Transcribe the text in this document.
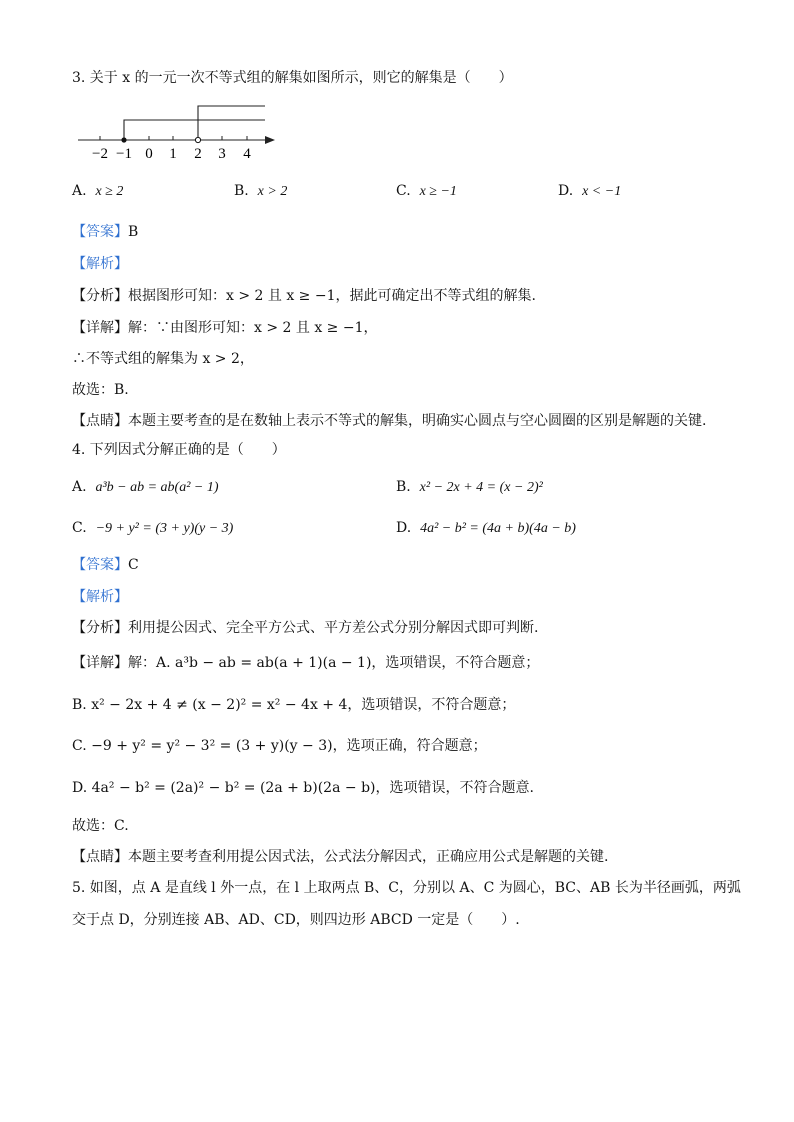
3. 关于 x 的一元一次不等式组的解集如图所示，则它的解集是（　　）
−2 −1 0 1 2 3 4
A. x ≥ 2	B. x > 2	C. x ≥ −1	D. x < −1
【答案】B
【解析】
【分析】根据图形可知：x > 2 且 x ≥ −1，据此可确定出不等式组的解集.
【详解】解：∵由图形可知：x > 2 且 x ≥ −1，
∴不等式组的解集为 x > 2，
故选：B.
【点睛】本题主要考查的是在数轴上表示不等式的解集，明确实心圆点与空心圆圈的区别是解题的关键.
4. 下列因式分解正确的是（　　）
A. a³b − ab = ab(a² − 1)	B. x² − 2x + 4 = (x − 2)²
C. −9 + y² = (3 + y)(y − 3)	D. 4a² − b² = (4a + b)(4a − b)
【答案】C
【解析】
【分析】利用提公因式、完全平方公式、平方差公式分别分解因式即可判断.
【详解】解：A. a³b − ab = ab(a + 1)(a − 1)，选项错误，不符合题意；
B. x² − 2x + 4 ≠ (x − 2)² = x² − 4x + 4，选项错误，不符合题意；
C. −9 + y² = y² − 3² = (3 + y)(y − 3)，选项正确，符合题意；
D. 4a² − b² = (2a)² − b² = (2a + b)(2a − b)，选项错误，不符合题意.
故选：C.
【点睛】本题主要考查利用提公因式法，公式法分解因式，正确应用公式是解题的关键.
5. 如图，点 A 是直线 l 外一点，在 l 上取两点 B、C，分别以 A、C 为圆心，BC、AB 长为半径画弧，两弧
交于点 D，分别连接 AB、AD、CD，则四边形 ABCD 一定是（　　）.
